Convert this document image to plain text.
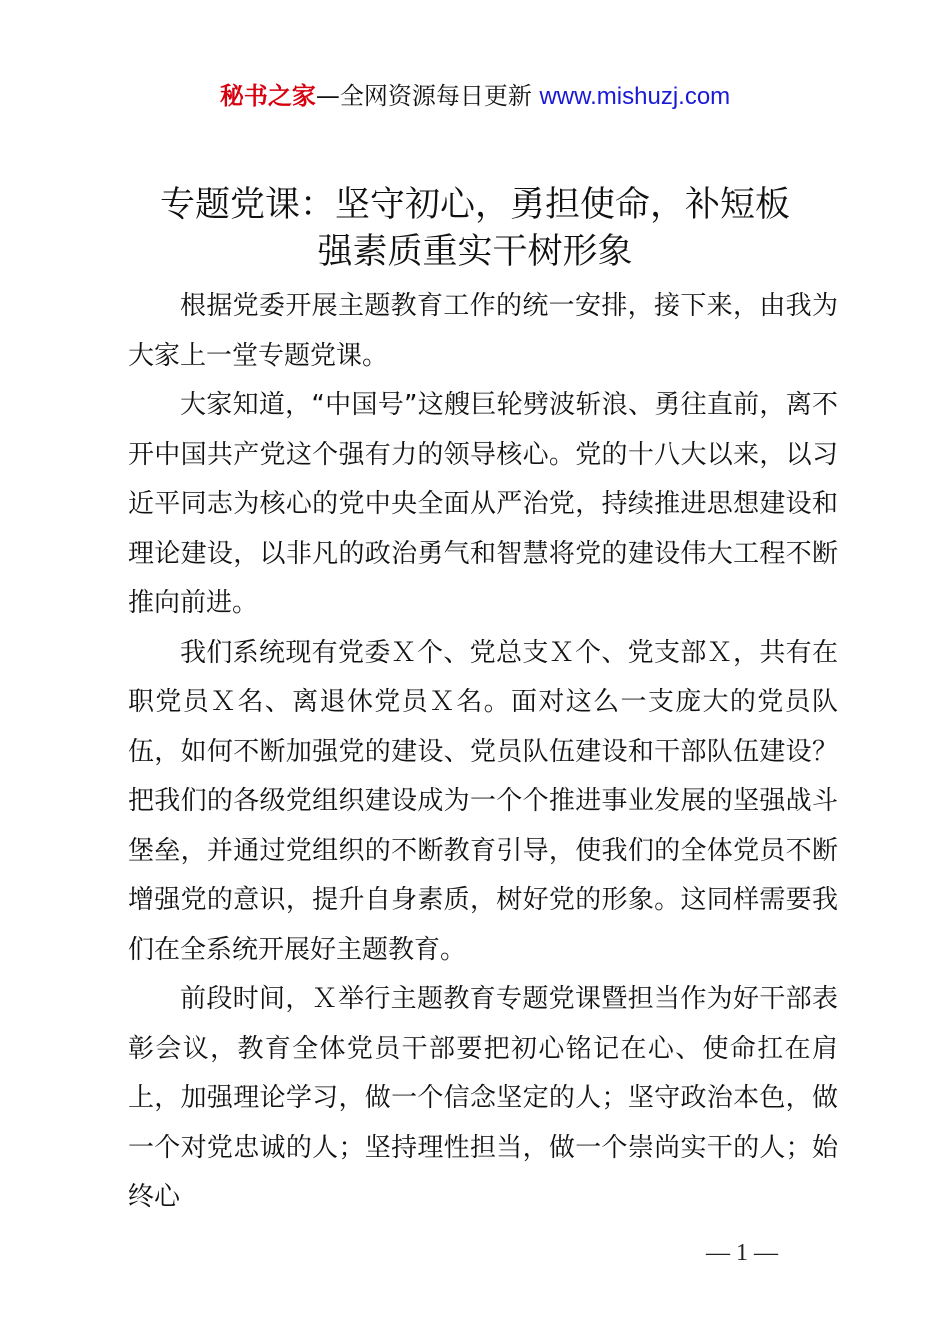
秘书之家—全网资源每日更新 www.mishuzj.com
专题党课：坚守初心，勇担使命，补短板
强素质重实干树形象

根据党委开展主题教育工作的统一安排，接下来，由我为大家上一堂专题党课。

大家知道，“中国号”这艘巨轮劈波斩浪、勇往直前，离不开中国共产党这个强有力的领导核心。党的十八大以来，以习近平同志为核心的党中央全面从严治党，持续推进思想建设和理论建设，以非凡的政治勇气和智慧将党的建设伟大工程不断推向前进。

我们系统现有党委Ｘ个、党总支Ｘ个、党支部Ｘ，共有在职党员Ｘ名、离退休党员Ｘ名。面对这么一支庞大的党员队伍，如何不断加强党的建设、党员队伍建设和干部队伍建设？把我们的各级党组织建设成为一个个推进事业发展的坚强战斗堡垒，并通过党组织的不断教育引导，使我们的全体党员不断增强党的意识，提升自身素质，树好党的形象。这同样需要我们在全系统开展好主题教育。

前段时间，Ｘ举行主题教育专题党课暨担当作为好干部表彰会议，教育全体党员干部要把初心铭记在心、使命扛在肩上，加强理论学习，做一个信念坚定的人；坚守政治本色，做一个对党忠诚的人；坚持理性担当，做一个崇尚实干的人；始终心

— 1 —
